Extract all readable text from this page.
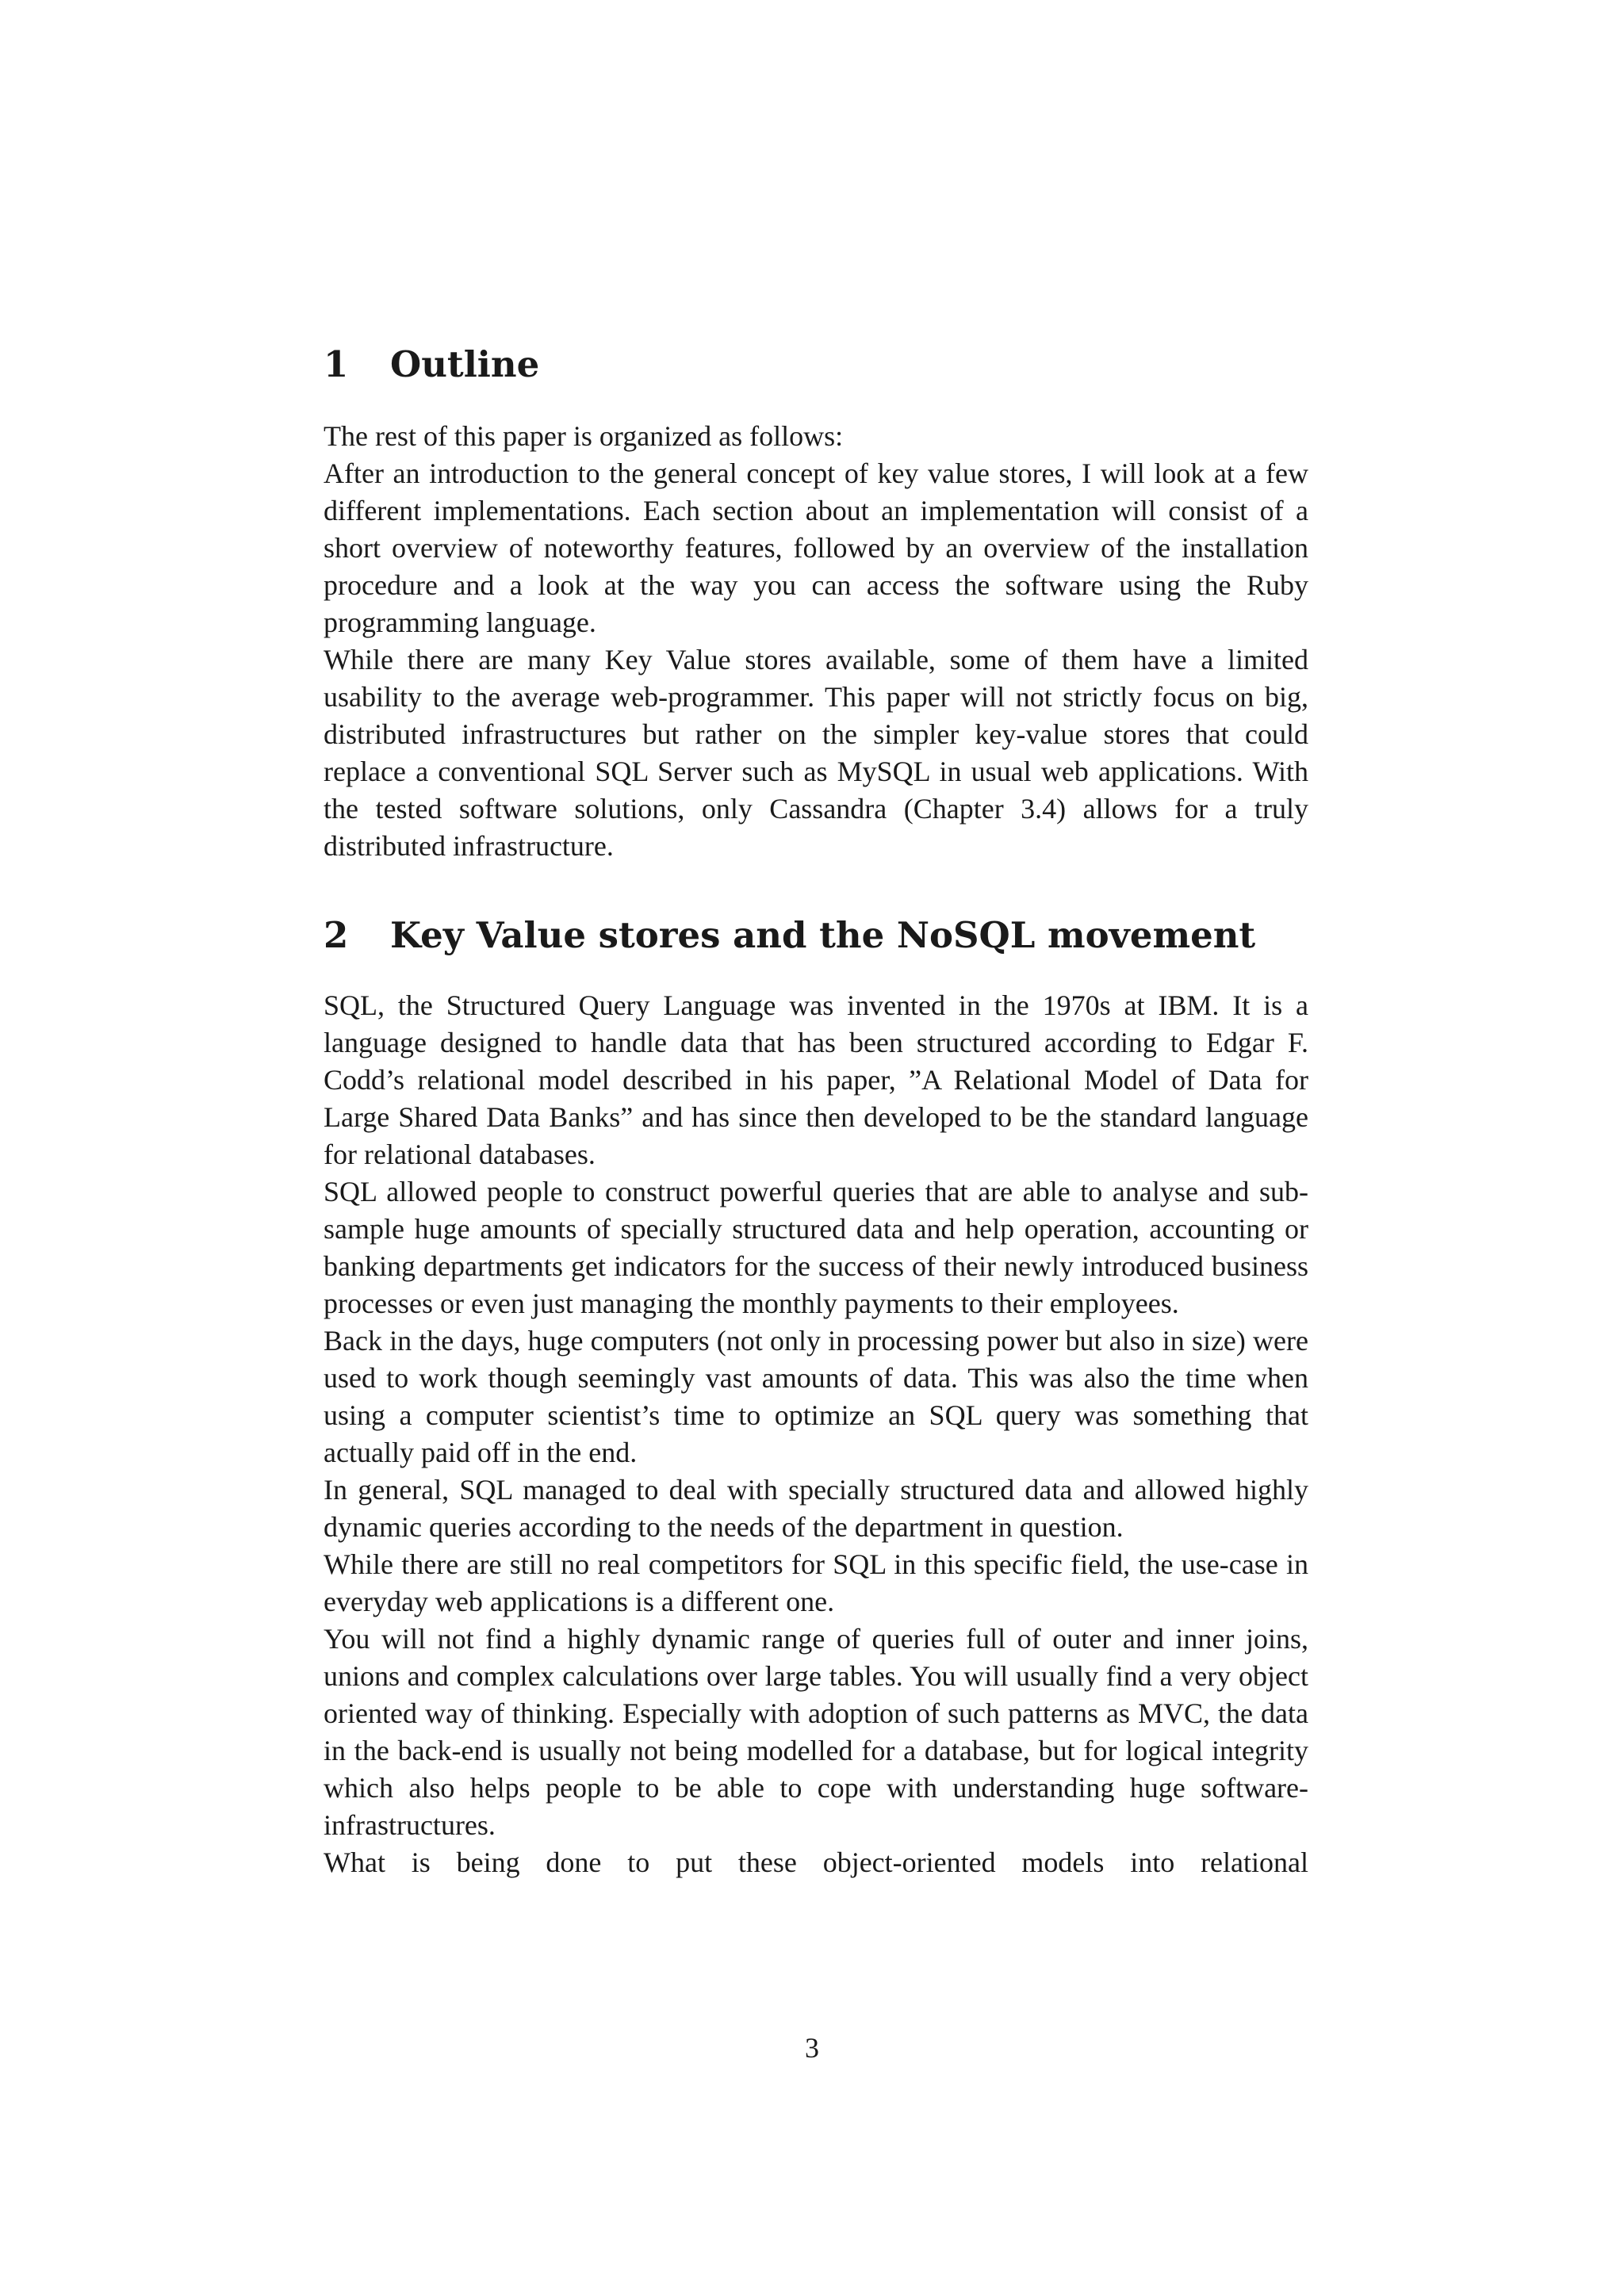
1 Outline

The rest of this paper is organized as follows:

After an introduction to the general concept of key value stores, I will look at a few different implementations. Each section about an implementation will consist of a short overview of noteworthy features, followed by an overview of the installation procedure and a look at the way you can access the software using the Ruby programming language.

While there are many Key Value stores available, some of them have a limited usability to the average web-programmer. This paper will not strictly focus on big, distributed infrastructures but rather on the simpler key-value stores that could replace a conventional SQL Server such as MySQL in usual web applications. With the tested software solutions, only Cassandra (Chapter 3.4) allows for a truly distributed infrastructure.

2 Key Value stores and the NoSQL movement

SQL, the Structured Query Language was invented in the 1970s at IBM. It is a language designed to handle data that has been structured according to Edgar F. Codd’s relational model described in his paper, ”A Relational Model of Data for Large Shared Data Banks” and has since then developed to be the standard language for relational databases.

SQL allowed people to construct powerful queries that are able to analyse and sub-sample huge amounts of specially structured data and help operation, accounting or banking departments get indicators for the success of their newly introduced business processes or even just managing the monthly payments to their employees.

Back in the days, huge computers (not only in processing power but also in size) were used to work though seemingly vast amounts of data. This was also the time when using a computer scientist’s time to optimize an SQL query was something that actually paid off in the end.

In general, SQL managed to deal with specially structured data and allowed highly dynamic queries according to the needs of the department in question.

While there are still no real competitors for SQL in this specific field, the use-case in everyday web applications is a different one.

You will not find a highly dynamic range of queries full of outer and inner joins, unions and complex calculations over large tables. You will usually find a very object oriented way of thinking. Especially with adoption of such patterns as MVC, the data in the back-end is usually not being modelled for a database, but for logical integrity which also helps people to be able to cope with understanding huge software-infrastructures.

What is being done to put these object-oriented models into relational

3
